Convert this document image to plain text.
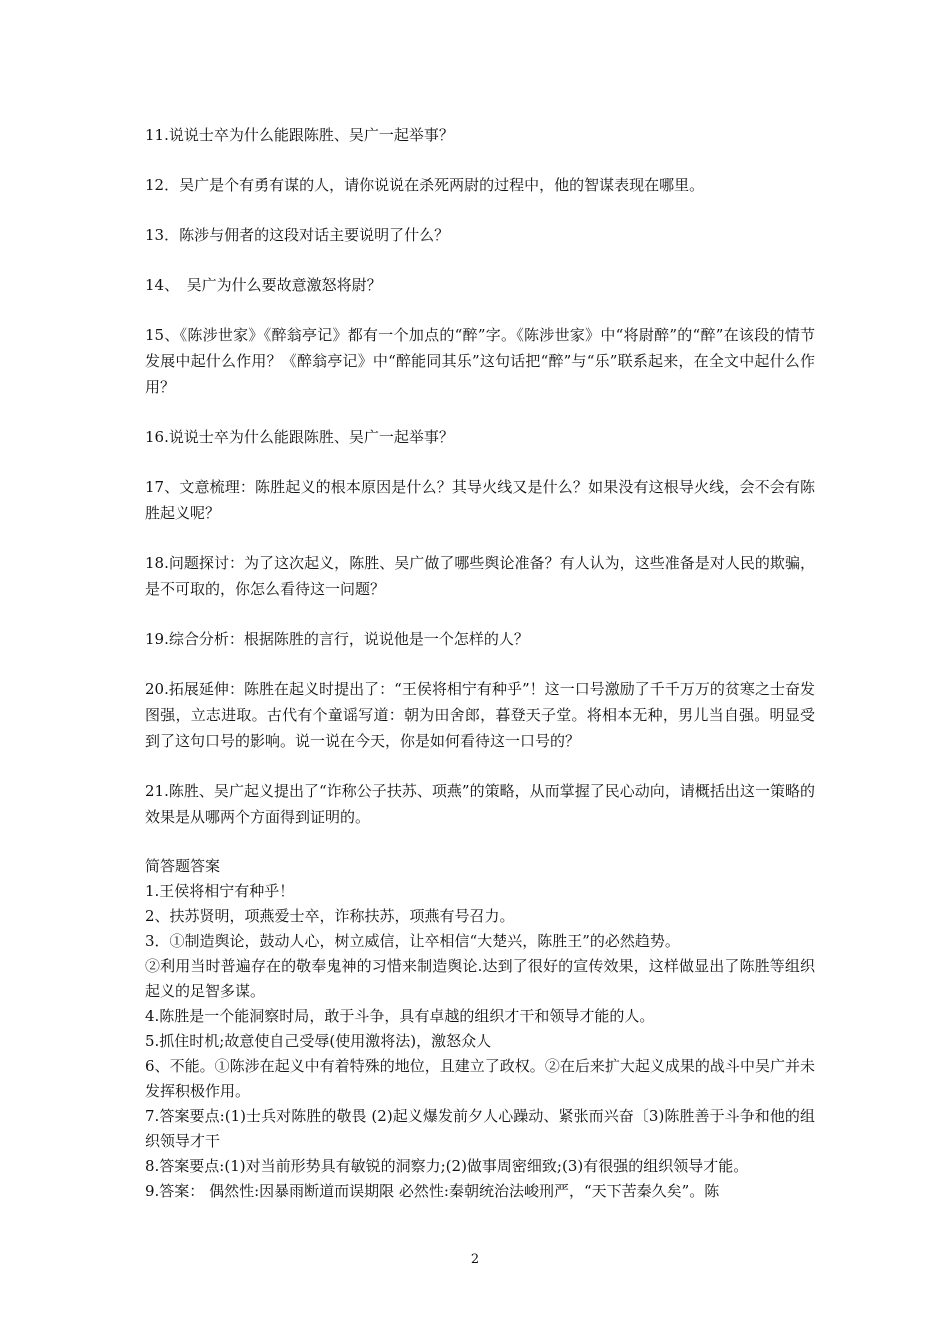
11.说说士卒为什么能跟陈胜、吴广一起举事？

12．吴广是个有勇有谋的人，请你说说在杀死两尉的过程中，他的智谋表现在哪里。

13．陈涉与佣者的这段对话主要说明了什么？

14、　吴广为什么要故意激怒将尉？

15、《陈涉世家》《醉翁亭记》都有一个加点的“醉”字。《陈涉世家》中“将尉醉”的“醉”在该段的情节发展中起什么作用？《醉翁亭记》中“醉能同其乐”这句话把“醉”与“乐”联系起来，在全文中起什么作用？

16.说说士卒为什么能跟陈胜、吴广一起举事？

17、文意梳理：陈胜起义的根本原因是什么？其导火线又是什么？如果没有这根导火线，会不会有陈胜起义呢？

18.问题探讨：为了这次起义，陈胜、吴广做了哪些舆论准备？有人认为，这些准备是对人民的欺骗，是不可取的，你怎么看待这一问题？

19.综合分析：根据陈胜的言行，说说他是一个怎样的人？

20.拓展延伸：陈胜在起义时提出了：“王侯将相宁有种乎”！这一口号激励了千千万万的贫寒之士奋发图强，立志进取。古代有个童谣写道：朝为田舍郎，暮登天子堂。将相本无种，男儿当自强。明显受到了这句口号的影响。说一说在今天，你是如何看待这一口号的？

21.陈胜、吴广起义提出了“诈称公子扶苏、项燕”的策略，从而掌握了民心动向，请概括出这一策略的效果是从哪两个方面得到证明的。

简答题答案

1.王侯将相宁有种乎！

2、扶苏贤明，项燕爱士卒，诈称扶苏，项燕有号召力。

3．①制造舆论，鼓动人心，树立威信，让卒相信“大楚兴，陈胜王”的必然趋势。

②利用当时普遍存在的敬奉鬼神的习惜来制造舆论.达到了很好的宣传效果，这样做显出了陈胜等组织起义的足智多谋。

4.陈胜是一个能洞察时局，敢于斗争，具有卓越的组织才干和领导才能的人。

5.抓住时机;故意使自己受辱(使用激将法)，激怒众人

6、不能。①陈涉在起义中有着特殊的地位，且建立了政权。②在后来扩大起义成果的战斗中吴广并未发挥积极作用。

7.答案要点:(1)士兵对陈胜的敬畏 (2)起义爆发前夕人心躁动、紧张而兴奋〔3)陈胜善于斗争和他的组织领导才干

8.答案要点:(1)对当前形势具有敏锐的洞察力;(2)做事周密细致;(3)有很强的组织领导才能。

9.答案： 偶然性:因暴雨断道而误期限 必然性:秦朝统治法峻刑严，“天下苦秦久矣”。陈

2
